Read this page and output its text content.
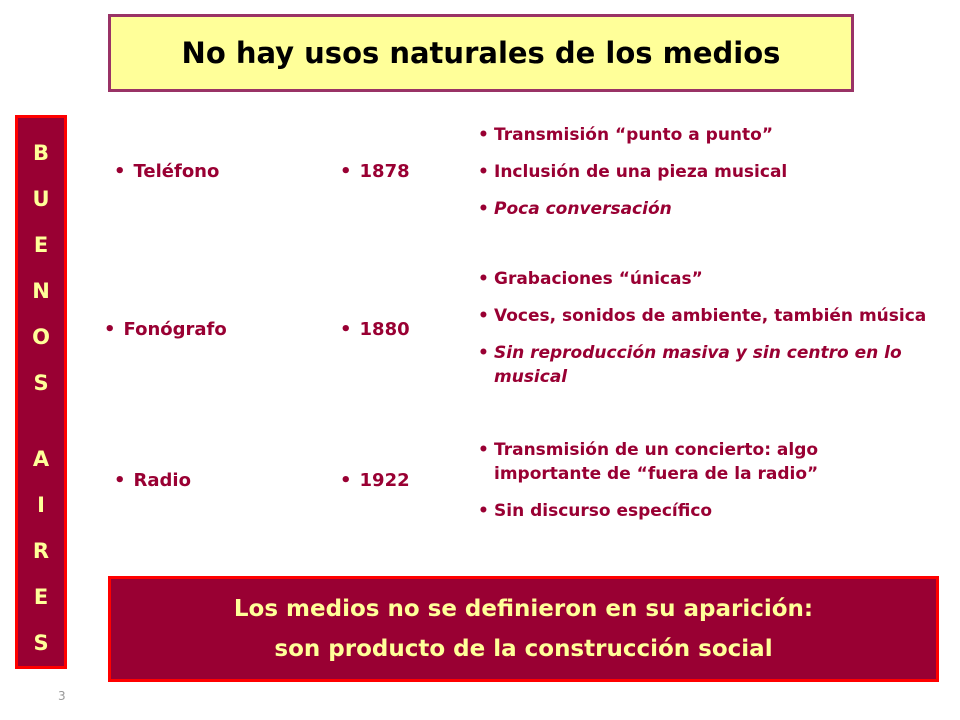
No hay usos naturales de los medios
B
U
E
N
O
S
A
I
R
E
S
• Teléfono	• 1878
• Transmisión “punto a punto”
• Inclusión de una pieza musical
• Poca conversación
• Fonógrafo	• 1880
• Grabaciones “únicas”
• Voces, sonidos de ambiente, también música
• Sin reproducción masiva y sin centro en lo musical
• Radio	• 1922
• Transmisión de un concierto: algo importante de “fuera de la radio”
• Sin discurso específico
Los medios no se definieron en su aparición:
son producto de la construcción social
3
